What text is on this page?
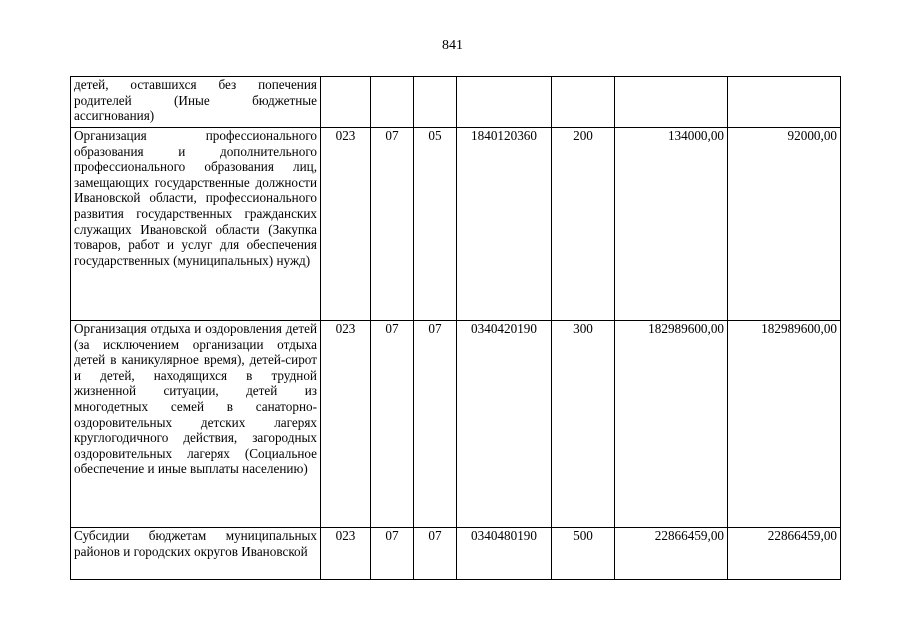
841
детей, оставшихся без попечения родителей (Иные бюджетные ассигнования)							
Организация профессионального образования и дополнительного профессионального образования лиц, замещающих государственные должности Ивановской области, профессионального развития государственных гражданских служащих Ивановской области (Закупка товаров, работ и услуг для обеспечения государственных (муниципальных) нужд)	023	07	05	1840120360	200	134000,00	92000,00
Организация отдыха и оздоровления детей (за исключением организации отдыха детей в каникулярное время), детей-сирот и детей, находящихся в трудной жизненной ситуации, детей из многодетных семей в санаторно-оздоровительных детских лагерях круглогодичного действия, загородных оздоровительных лагерях (Социальное обеспечение и иные выплаты населению)	023	07	07	0340420190	300	182989600,00	182989600,00
Субсидии бюджетам муниципальных районов и городских округов Ивановской	023	07	07	0340480190	500	22866459,00	22866459,00
